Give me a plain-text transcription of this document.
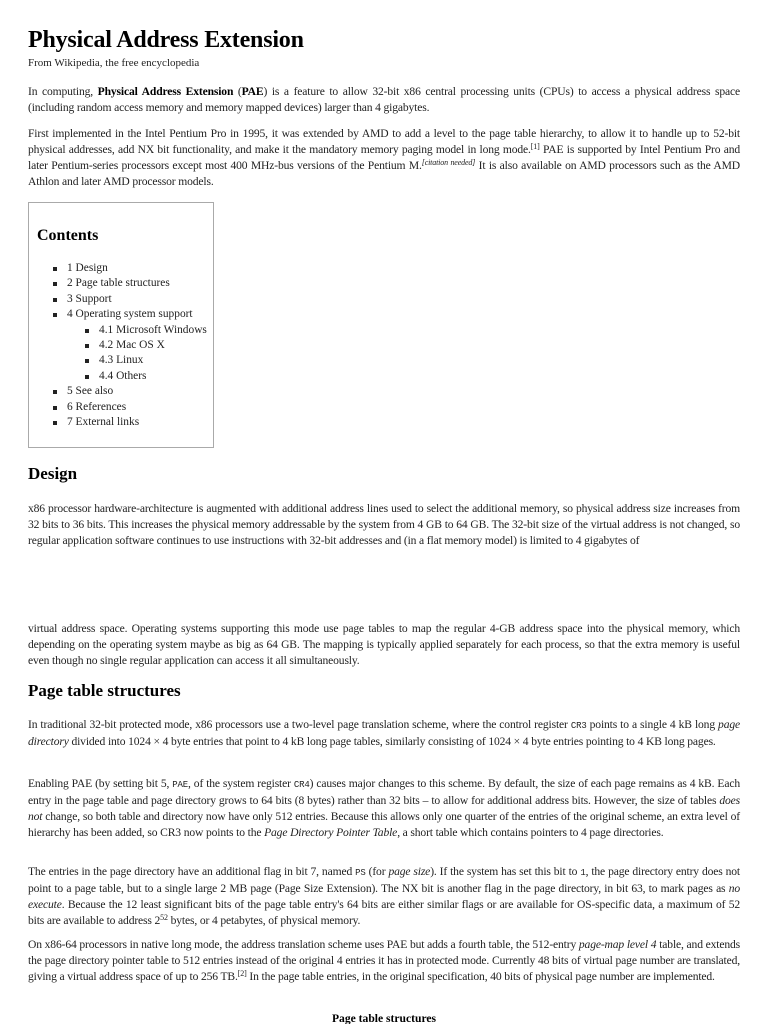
Physical Address Extension
From Wikipedia, the free encyclopedia

In computing, Physical Address Extension (PAE) is a feature to allow 32-bit x86 central processing units (CPUs) to access a physical address space (including random access memory and memory mapped devices) larger than 4 gigabytes.

First implemented in the Intel Pentium Pro in 1995, it was extended by AMD to add a level to the page table hierarchy, to allow it to handle up to 52-bit physical addresses, add NX bit functionality, and make it the mandatory memory paging model in long mode.[1] PAE is supported by Intel Pentium Pro and later Pentium-series processors except most 400 MHz-bus versions of the Pentium M.[citation needed] It is also available on AMD processors such as the AMD Athlon and later AMD processor models.

Contents
1 Design
2 Page table structures
3 Support
4 Operating system support
4.1 Microsoft Windows
4.2 Mac OS X
4.3 Linux
4.4 Others
5 See also
6 References
7 External links
Design

x86 processor hardware-architecture is augmented with additional address lines used to select the additional memory, so physical address size increases from 32 bits to 36 bits. This increases the physical memory addressable by the system from 4 GB to 64 GB. The 32-bit size of the virtual address is not changed, so regular application software continues to use instructions with 32-bit addresses and (in a flat memory model) is limited to 4 gigabytes of

virtual address space. Operating systems supporting this mode use page tables to map the regular 4-GB address space into the physical memory, which depending on the operating system maybe as big as 64 GB. The mapping is typically applied separately for each process, so that the extra memory is useful even though no single regular application can access it all simultaneously.

Page table structures

In traditional 32-bit protected mode, x86 processors use a two-level page translation scheme, where the control register CR3 points to a single 4 kB long page directory divided into 1024 × 4 byte entries that point to 4 kB long page tables, similarly consisting of 1024 × 4 byte entries pointing to 4 KB long pages.

Enabling PAE (by setting bit 5, PAE, of the system register CR4) causes major changes to this scheme. By default, the size of each page remains as 4 kB. Each entry in the page table and page directory grows to 64 bits (8 bytes) rather than 32 bits – to allow for additional address bits. However, the size of tables does not change, so both table and directory now have only 512 entries. Because this allows only one quarter of the entries of the original scheme, an extra level of hierarchy has been added, so CR3 now points to the Page Directory Pointer Table, a short table which contains pointers to 4 page directories.

The entries in the page directory have an additional flag in bit 7, named PS (for page size). If the system has set this bit to 1, the page directory entry does not point to a page table, but to a single large 2 MB page (Page Size Extension). The NX bit is another flag in the page directory, in bit 63, to mark pages as no execute. Because the 12 least significant bits of the page table entry's 64 bits are either similar flags or are available for OS-specific data, a maximum of 52 bits are available to address $2^{52}$ bytes, or 4 petabytes, of physical memory.

On x86-64 processors in native long mode, the address translation scheme uses PAE but adds a fourth table, the 512-entry page-map level 4 table, and extends the page directory pointer table to 512 entries instead of the original 4 entries it has in protected mode. Currently 48 bits of virtual page number are translated, giving a virtual address space of up to 256 TB.[2] In the page table entries, in the original specification, 40 bits of physical page number are implemented.

Page table structures
